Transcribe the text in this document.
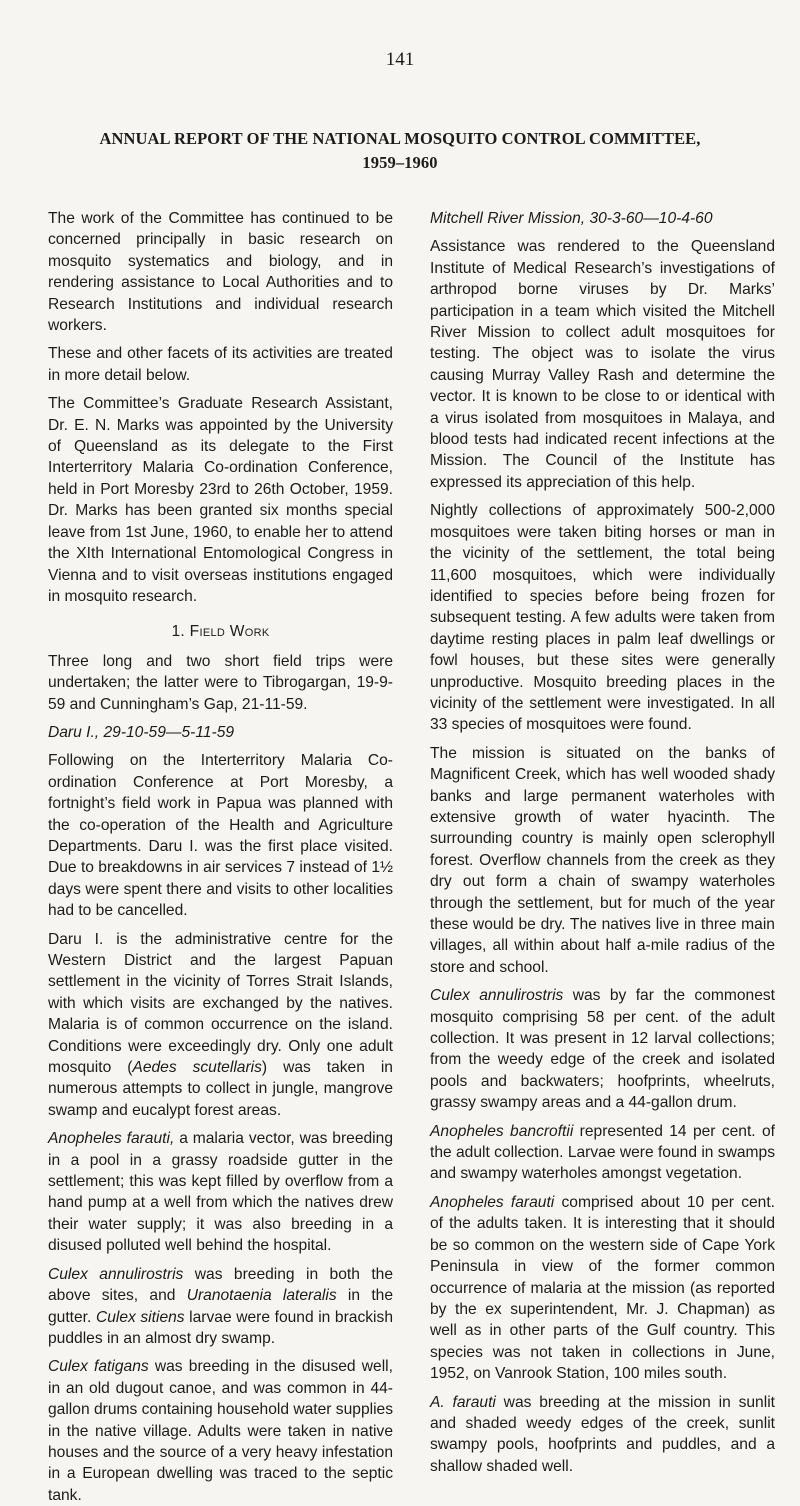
141
ANNUAL REPORT OF THE NATIONAL MOSQUITO CONTROL COMMITTEE,
1959–1960

The work of the Committee has continued to be concerned principally in basic research on mosquito systematics and biology, and in rendering assistance to Local Authorities and to Research Institutions and individual research workers.

These and other facets of its activities are treated in more detail below.

The Committee’s Graduate Research Assistant, Dr. E. N. Marks was appointed by the University of Queensland as its delegate to the First Interterritory Malaria Co-ordination Conference, held in Port Moresby 23rd to 26th October, 1959. Dr. Marks has been granted six months special leave from 1st June, 1960, to enable her to attend the XIth International Entomological Congress in Vienna and to visit overseas institutions engaged in mosquito research.

1. Field Work

Three long and two short field trips were undertaken; the latter were to Tibrogargan, 19-9-59 and Cunningham’s Gap, 21-11-59.

Daru I., 29-10-59—5-11-59

Following on the Interterritory Malaria Co-ordination Conference at Port Moresby, a fortnight’s field work in Papua was planned with the co-operation of the Health and Agriculture Departments. Daru I. was the first place visited. Due to breakdowns in air services 7 instead of 1½ days were spent there and visits to other localities had to be cancelled.

Daru I. is the administrative centre for the Western District and the largest Papuan settlement in the vicinity of Torres Strait Islands, with which visits are exchanged by the natives. Malaria is of common occurrence on the island. Conditions were exceedingly dry. Only one adult mosquito (Aedes scutellaris) was taken in numerous attempts to collect in jungle, mangrove swamp and eucalypt forest areas.

Anopheles farauti, a malaria vector, was breeding in a pool in a grassy roadside gutter in the settlement; this was kept filled by overflow from a hand pump at a well from which the natives drew their water supply; it was also breeding in a disused polluted well behind the hospital.

Culex annulirostris was breeding in both the above sites, and Uranotaenia lateralis in the gutter. Culex sitiens larvae were found in brackish puddles in an almost dry swamp.

Culex fatigans was breeding in the disused well, in an old dugout canoe, and was common in 44-gallon drums containing household water supplies in the native village. Adults were taken in native houses and the source of a very heavy infestation in a European dwelling was traced to the septic tank.

Mitchell River Mission, 30-3-60—10-4-60

Assistance was rendered to the Queensland Institute of Medical Research’s investigations of arthropod borne viruses by Dr. Marks’ participation in a team which visited the Mitchell River Mission to collect adult mosquitoes for testing. The object was to isolate the virus causing Murray Valley Rash and determine the vector. It is known to be close to or identical with a virus isolated from mosquitoes in Malaya, and blood tests had indicated recent infections at the Mission. The Council of the Institute has expressed its appreciation of this help.

Nightly collections of approximately 500-2,000 mosquitoes were taken biting horses or man in the vicinity of the settlement, the total being 11,600 mosquitoes, which were individually identified to species before being frozen for subsequent testing. A few adults were taken from daytime resting places in palm leaf dwellings or fowl houses, but these sites were generally unproductive. Mosquito breeding places in the vicinity of the settlement were investigated. In all 33 species of mosquitoes were found.

The mission is situated on the banks of Magnificent Creek, which has well wooded shady banks and large permanent waterholes with extensive growth of water hyacinth. The surrounding country is mainly open sclerophyll forest. Overflow channels from the creek as they dry out form a chain of swampy waterholes through the settlement, but for much of the year these would be dry. The natives live in three main villages, all within about half a-mile radius of the store and school.

Culex annulirostris was by far the commonest mosquito comprising 58 per cent. of the adult collection. It was present in 12 larval collections; from the weedy edge of the creek and isolated pools and backwaters; hoofprints, wheelruts, grassy swampy areas and a 44-gallon drum.

Anopheles bancroftii represented 14 per cent. of the adult collection. Larvae were found in swamps and swampy waterholes amongst vegetation.

Anopheles farauti comprised about 10 per cent. of the adults taken. It is interesting that it should be so common on the western side of Cape York Peninsula in view of the former common occurrence of malaria at the mission (as reported by the ex superintendent, Mr. J. Chapman) as well as in other parts of the Gulf country. This species was not taken in collections in June, 1952, on Vanrook Station, 100 miles south.

A. farauti was breeding at the mission in sunlit and shaded weedy edges of the creek, sunlit swampy pools, hoofprints and puddles, and a shallow shaded well.
